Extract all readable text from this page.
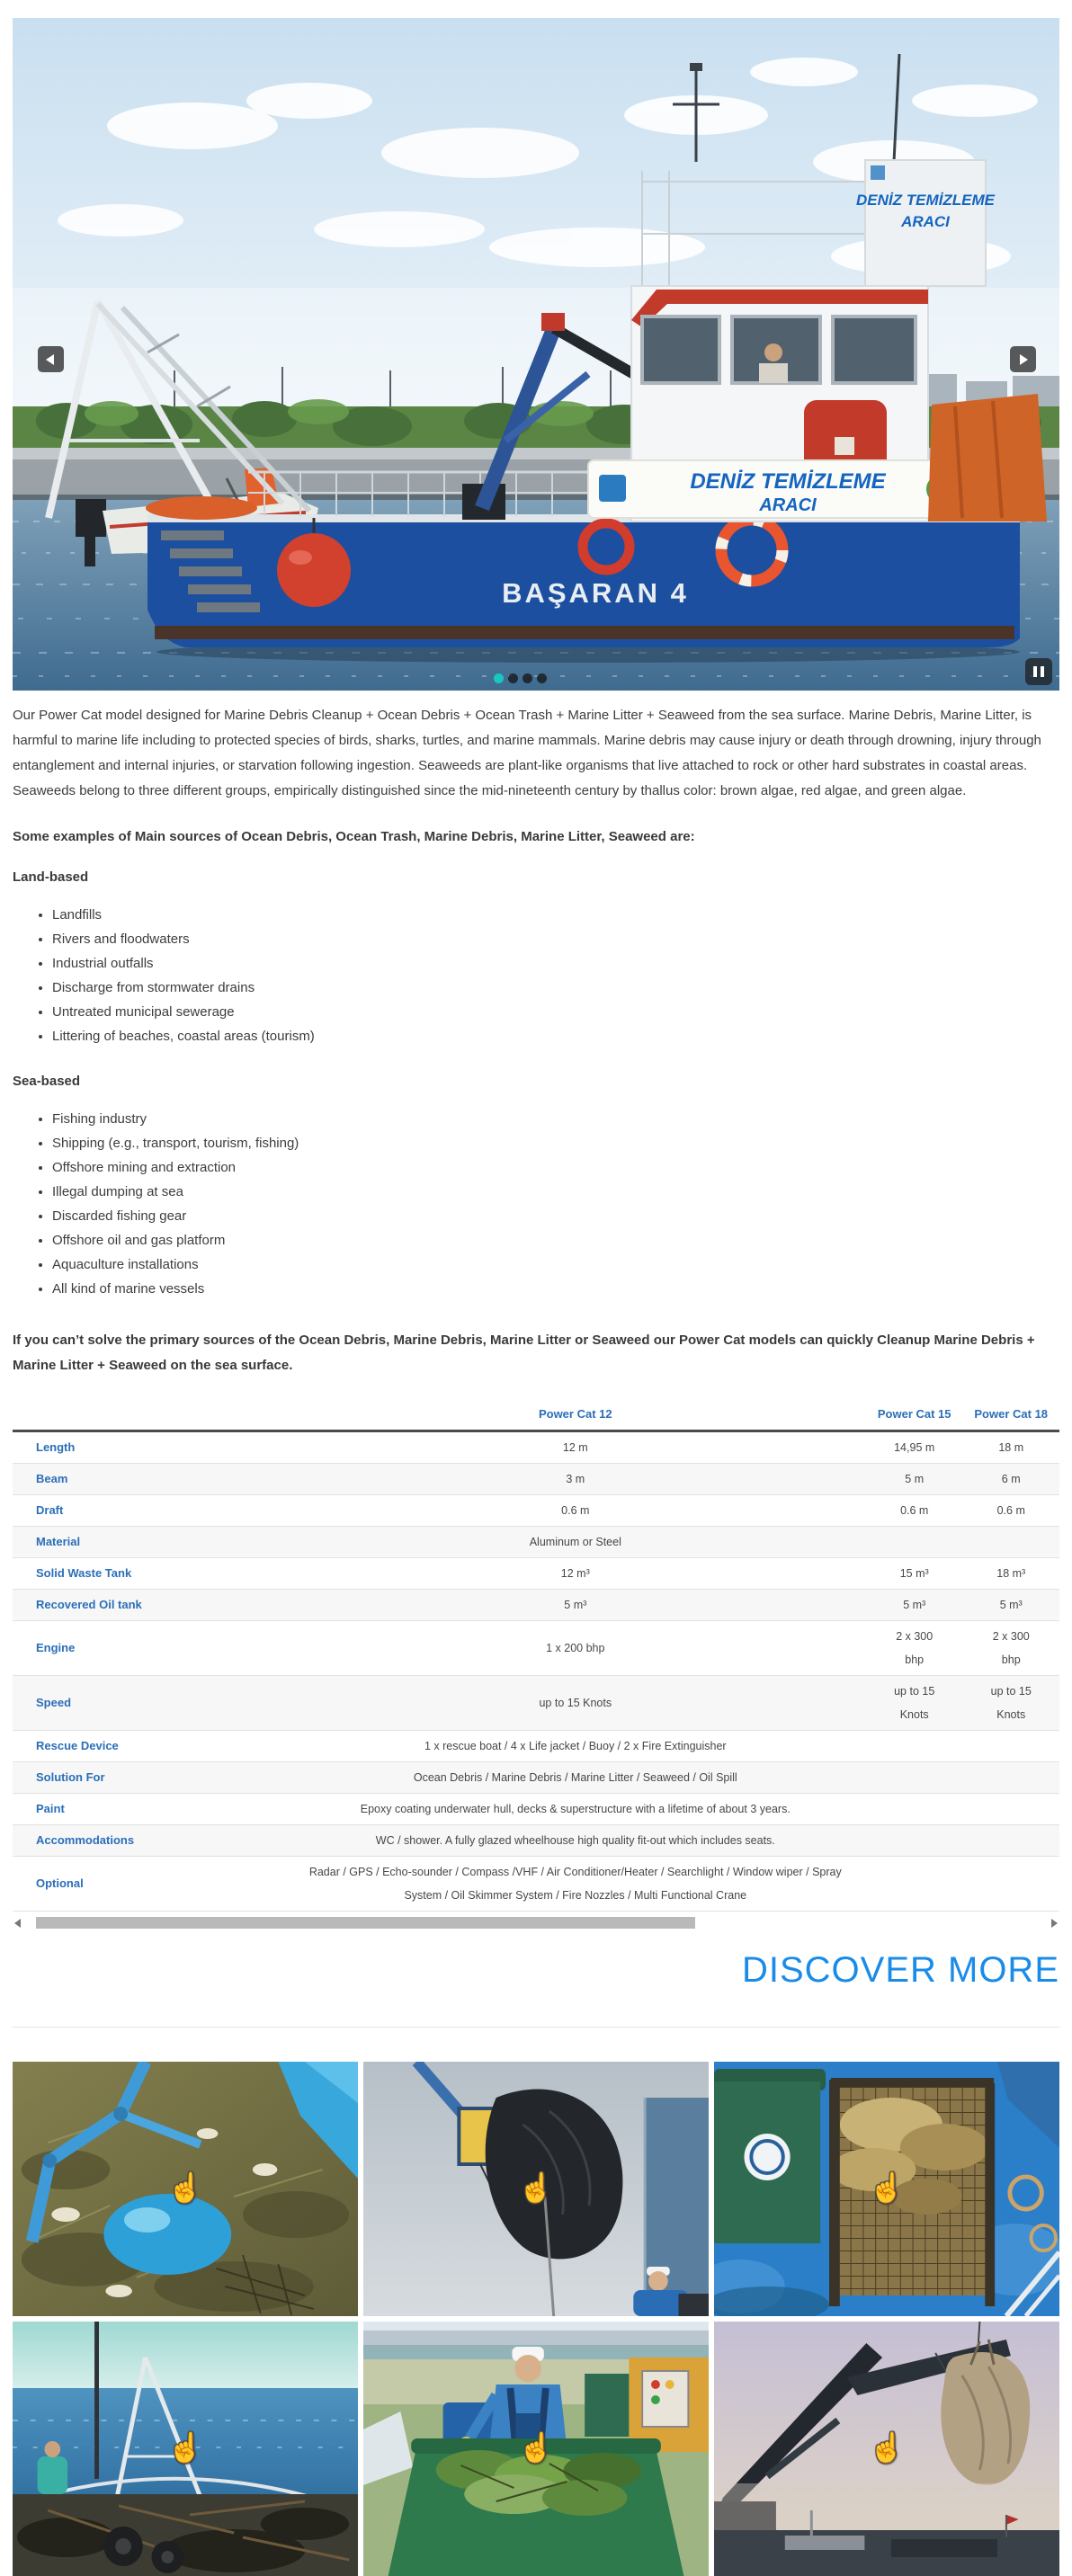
DENİZ TEMİZLEME
ARACI
DENİZ TEMİZLEME
ARACI
BAŞARAN 4

Our Power Cat model designed for Marine Debris Cleanup + Ocean Debris + Ocean Trash + Marine Litter + Seaweed from the sea surface. Marine Debris, Marine Litter, is harmful to marine life including to protected species of birds, sharks, turtles, and marine mammals. Marine debris may cause injury or death through drowning, injury through entanglement and internal injuries, or starvation following ingestion. Seaweeds are plant-like organisms that live attached to rock or other hard substrates in coastal areas. Seaweeds belong to three different groups, empirically distinguished since the mid-nineteenth century by thallus color: brown algae, red algae, and green algae.

Some examples of Main sources of Ocean Debris, Ocean Trash, Marine Debris, Marine Litter, Seaweed are:

Land-based

• Landfills
• Rivers and floodwaters
• Industrial outfalls
• Discharge from stormwater drains
• Untreated municipal sewerage
• Littering of beaches, coastal areas (tourism)

Sea-based

• Fishing industry
• Shipping (e.g., transport, tourism, fishing)
• Offshore mining and extraction
• Illegal dumping at sea
• Discarded fishing gear
• Offshore oil and gas platform
• Aquaculture installations
• All kind of marine vessels

If you can’t solve the primary sources of the Ocean Debris, Marine Debris, Marine Litter or Seaweed our Power Cat models can quickly Cleanup Marine Debris + Marine Litter + Seaweed on the sea surface.

	Power Cat 12	Power Cat 15	Power Cat 18
Length	12 m	14,95 m	18 m
Beam	3 m	5 m	6 m
Draft	0.6 m	0.6 m	0.6 m
Material	Aluminum or Steel		
Solid Waste Tank	12 m³	15 m³	18 m³
Recovered Oil tank	5 m³	5 m³	5 m³
Engine	1 x 200 bhp	2 x 300 bhp	2 x 300 bhp
Speed	up to 15 Knots	up to 15 Knots	up to 15 Knots
Rescue Device	1 x rescue boat / 4 x Life jacket / Buoy / 2 x Fire Extinguisher		
Solution For	Ocean Debris / Marine Debris / Marine Litter / Seaweed / Oil Spill		
Paint	Epoxy coating underwater hull, decks & superstructure with a lifetime of about 3 years.		
Accommodations	WC / shower. A fully glazed wheelhouse high quality fit-out which includes seats.		
Optional	Radar / GPS / Echo-sounder / Compass /VHF / Air Conditioner/Heater / Searchlight / Window wiper / Spray System / Oil Skimmer System / Fire Nozzles / Multi Functional Crane		
DISCOVER MORE
☝	☝	☝
☝	☝	☝
